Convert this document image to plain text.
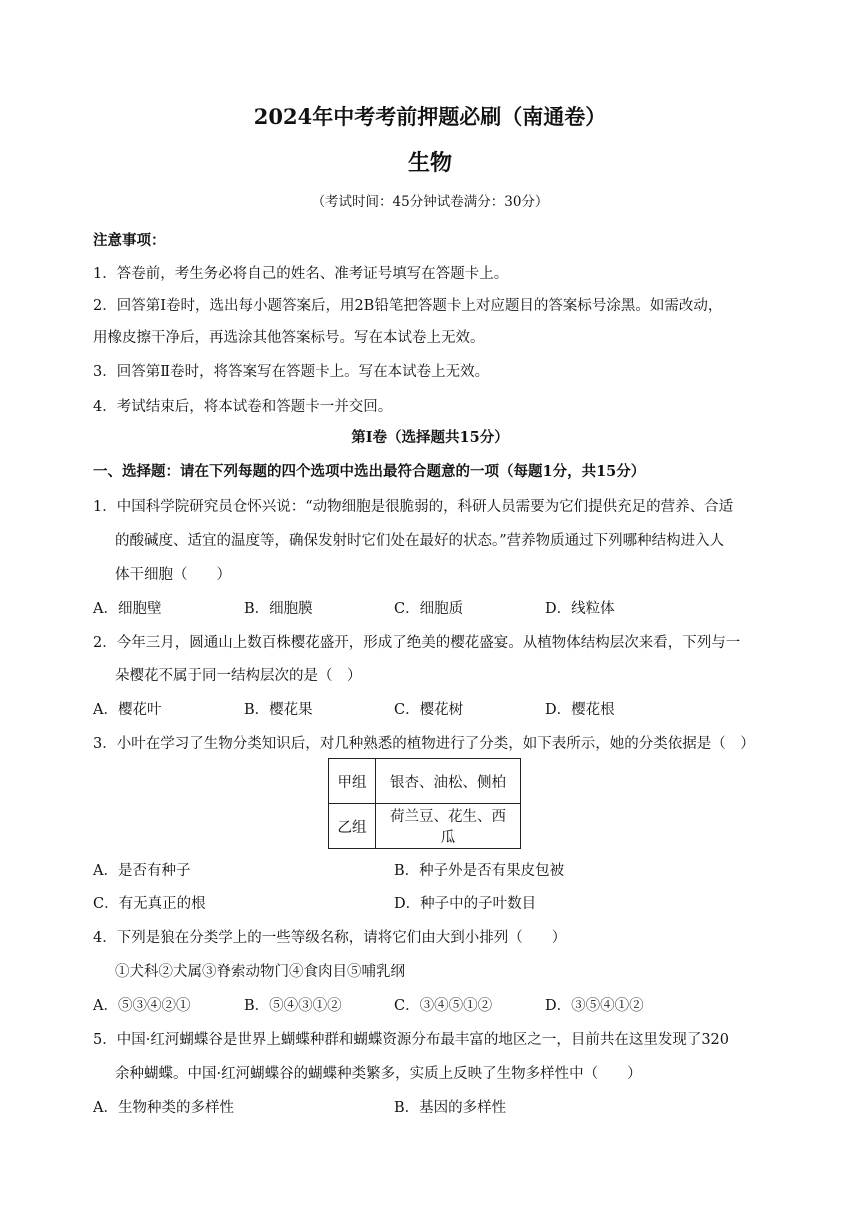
2024年中考考前押题必刷（南通卷）
生物
（考试时间：45分钟试卷满分：30分）
注意事项：
1．答卷前，考生务必将自己的姓名、准考证号填写在答题卡上。
2．回答第Ⅰ卷时，选出每小题答案后，用2B铅笔把答题卡上对应题目的答案标号涂黑。如需改动，
用橡皮擦干净后，再选涂其他答案标号。写在本试卷上无效。
3．回答第Ⅱ卷时，将答案写在答题卡上。写在本试卷上无效。
4．考试结束后，将本试卷和答题卡一并交回。
第Ⅰ卷（选择题共15分）
一、选择题：请在下列每题的四个选项中选出最符合题意的一项（每题1分，共15分）
1．中国科学院研究员仓怀兴说：“动物细胞是很脆弱的，科研人员需要为它们提供充足的营养、合适
的酸碱度、适宜的温度等，确保发射时它们处在最好的状态。”营养物质通过下列哪种结构进入人
体干细胞（　　）
A．细胞壁	B．细胞膜	C．细胞质	D．线粒体
2．今年三月，圆通山上数百株樱花盛开，形成了绝美的樱花盛宴。从植物体结构层次来看，下列与一
朵樱花不属于同一结构层次的是（　）
A．樱花叶	B．樱花果	C．樱花树	D．樱花根
3．小叶在学习了生物分类知识后，对几种熟悉的植物进行了分类，如下表所示，她的分类依据是（　）
甲组	银杏、油松、侧柏
乙组	荷兰豆、花生、西瓜
A．是否有种子	B．种子外是否有果皮包被
C．有无真正的根	D．种子中的子叶数目
4．下列是狼在分类学上的一些等级名称，请将它们由大到小排列（　　）
①犬科②犬属③脊索动物门④食肉目⑤哺乳纲
A．⑤③④②①	B．⑤④③①②	C．③④⑤①②	D．③⑤④①②
5．中国·红河蝴蝶谷是世界上蝴蝶种群和蝴蝶资源分布最丰富的地区之一，目前共在这里发现了320
余种蝴蝶。中国·红河蝴蝶谷的蝴蝶种类繁多，实质上反映了生物多样性中（　　）
A．生物种类的多样性	B．基因的多样性
